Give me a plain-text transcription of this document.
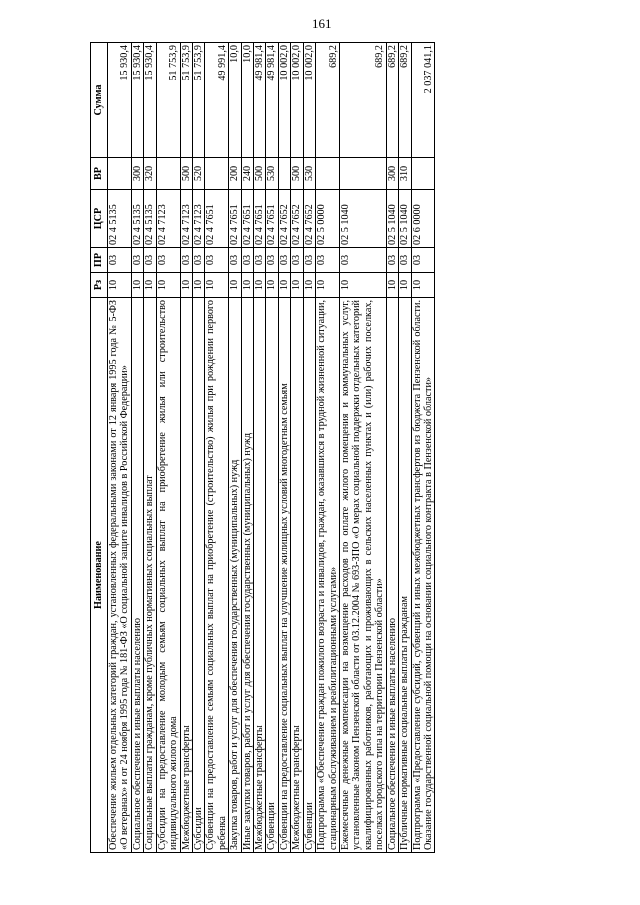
161
Наименование	Рз	ПР	ЦСР	ВР	Сумма
Обеспечение жильем отдельных категорий граждан, установленных федеральными законами от 12 января 1995 года № 5-ФЗ «О ветеранах» и от 24 ноября 1995 года № 181-ФЗ «О социальной защите инвалидов в Российской Федерации»	10	03	02 4 5135		15 930,4
Социальное обеспечение и иные выплаты населению	10	03	02 4 5135	300	15 930,4
Социальные выплаты гражданам, кроме публичных нормативных социальных выплат	10	03	02 4 5135	320	15 930,4
Субсидии на предоставление молодым семьям социальных выплат на приобретение жилья или строительство индивидуального жилого дома	10	03	02 4 7123		51 753,9
Межбюджетные трансферты	10	03	02 4 7123	500	51 753,9
Субсидии	10	03	02 4 7123	520	51 753,9
Субвенции на предоставление семьям социальных выплат на приобретение (строительство) жилья при рождении первого ребенка	10	03	02 4 7651		49 991,4
Закупка товаров, работ и услуг для обеспечения государственных (муниципальных) нужд	10	03	02 4 7651	200	10,0
Иные закупки товаров, работ и услуг для обеспечения государственных (муниципальных) нужд	10	03	02 4 7651	240	10,0
Межбюджетные трансферты	10	03	02 4 7651	500	49 981,4
Субвенции	10	03	02 4 7651	530	49 981,4
Субвенции на предоставление социальных выплат на улучшение жилищных условий многодетным семьям	10	03	02 4 7652		10 002,0
Межбюджетные трансферты	10	03	02 4 7652	500	10 002,0
Субвенции	10	03	02 4 7652	530	10 002,0
Подпрограмма «Обеспечение граждан пожилого возраста и инвалидов, граждан, оказавшихся в трудной жизненной ситуации, стационарным обслуживанием и реабилитационными услугами»	10	03	02 5 0000		689,2
Ежемесячные денежные компенсации на возмещение расходов по оплате жилого помещения и коммунальных услуг, установленные Законом Пензенской области от 03.12.2004 № 693-ЗПО «О мерах социальной поддержки отдельных категорий квалифицированных работников, работающих и проживающих в сельских населенных пунктах и (или) рабочих поселках, поселках городского типа на территории Пензенской области»	10	03	02 5 1040		689,2
Социальное обеспечение и иные выплаты населению	10	03	02 5 1040	300	689,2
Публичные нормативные социальные выплаты гражданам	10	03	02 5 1040	310	689,2
Подпрограмма «Предоставление субсидий, субвенций и иных межбюджетных трансфертов из бюджета Пензенской области. Оказание государственной социальной помощи на основании социального контракта в Пензенской области»	10	03	02 6 0000		2 037 041,1
